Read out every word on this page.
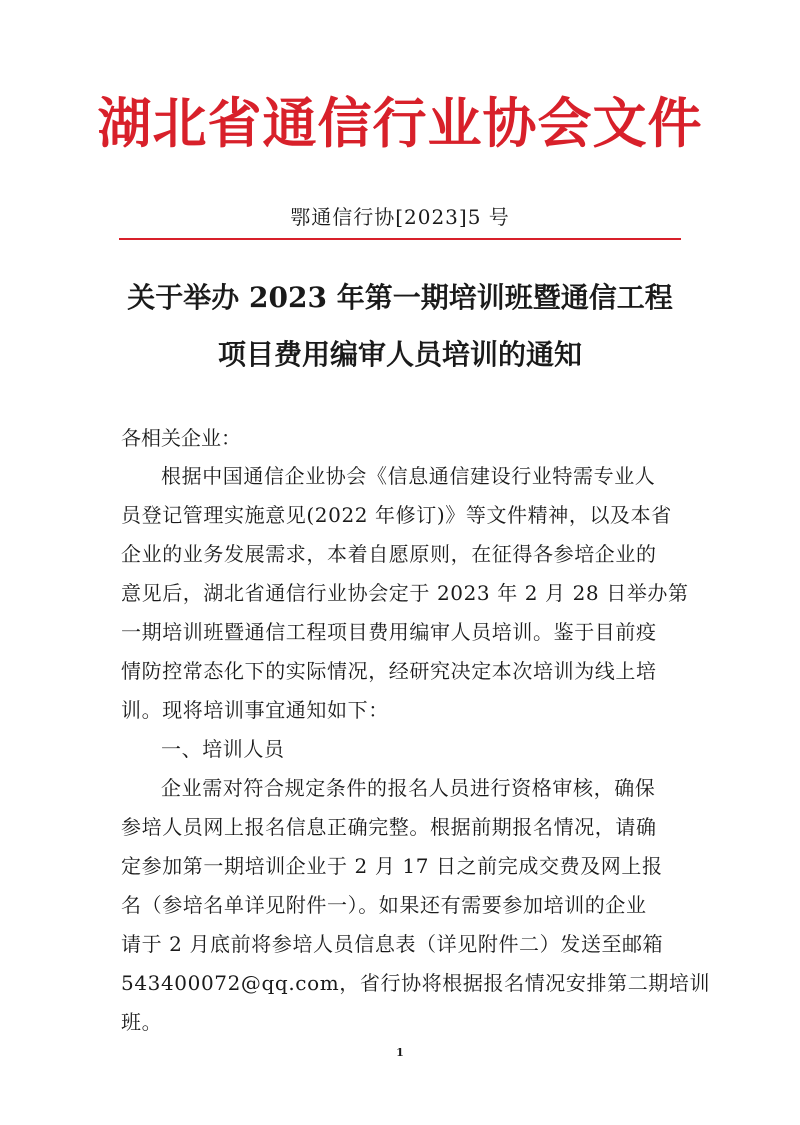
湖北省通信行业协会文件
鄂通信行协[2023]5 号
关于举办 2023 年第一期培训班暨通信工程
项目费用编审人员培训的通知
各相关企业：
根据中国通信企业协会《信息通信建设行业特需专业人
员登记管理实施意见(2022 年修订)》等文件精神，以及本省
企业的业务发展需求，本着自愿原则，在征得各参培企业的
意见后，湖北省通信行业协会定于 2023 年 2 月 28 日举办第
一期培训班暨通信工程项目费用编审人员培训。鉴于目前疫
情防控常态化下的实际情况，经研究决定本次培训为线上培
训。现将培训事宜通知如下：
一、培训人员
企业需对符合规定条件的报名人员进行资格审核，确保
参培人员网上报名信息正确完整。根据前期报名情况，请确
定参加第一期培训企业于 2 月 17 日之前完成交费及网上报
名（参培名单详见附件一）。如果还有需要参加培训的企业
请于 2 月底前将参培人员信息表（详见附件二）发送至邮箱
543400072@qq.com，省行协将根据报名情况安排第二期培训
班。
1
